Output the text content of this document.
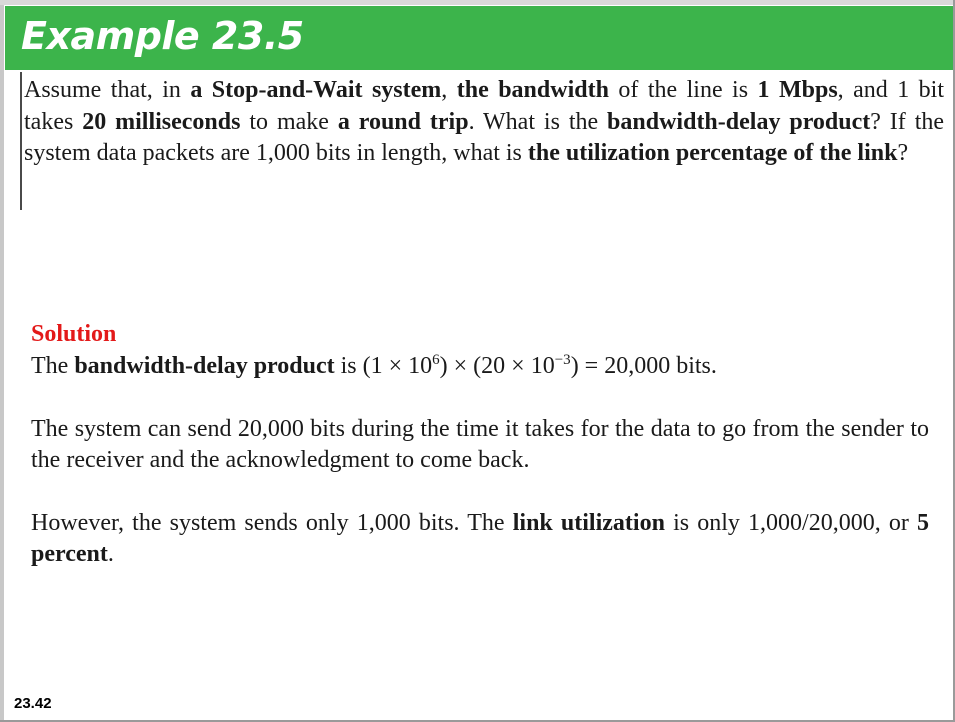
Example 23.5

Assume that, in a Stop-and-Wait system, the bandwidth of the line is 1 Mbps, and 1 bit takes 20 milliseconds to make a round trip. What is the bandwidth-delay product? If the system data packets are 1,000 bits in length, what is the utilization percentage of the link?

Solution

The bandwidth-delay product is $(1 \times 10^6) \times (20 \times 10^{-3}) = 20,000$ bits.

The system can send 20,000 bits during the time it takes for the data to go from the sender to the receiver and the acknowledgment to come back.

However, the system sends only 1,000 bits. The link utilization is only 1,000/20,000, or 5 percent.

23.42
